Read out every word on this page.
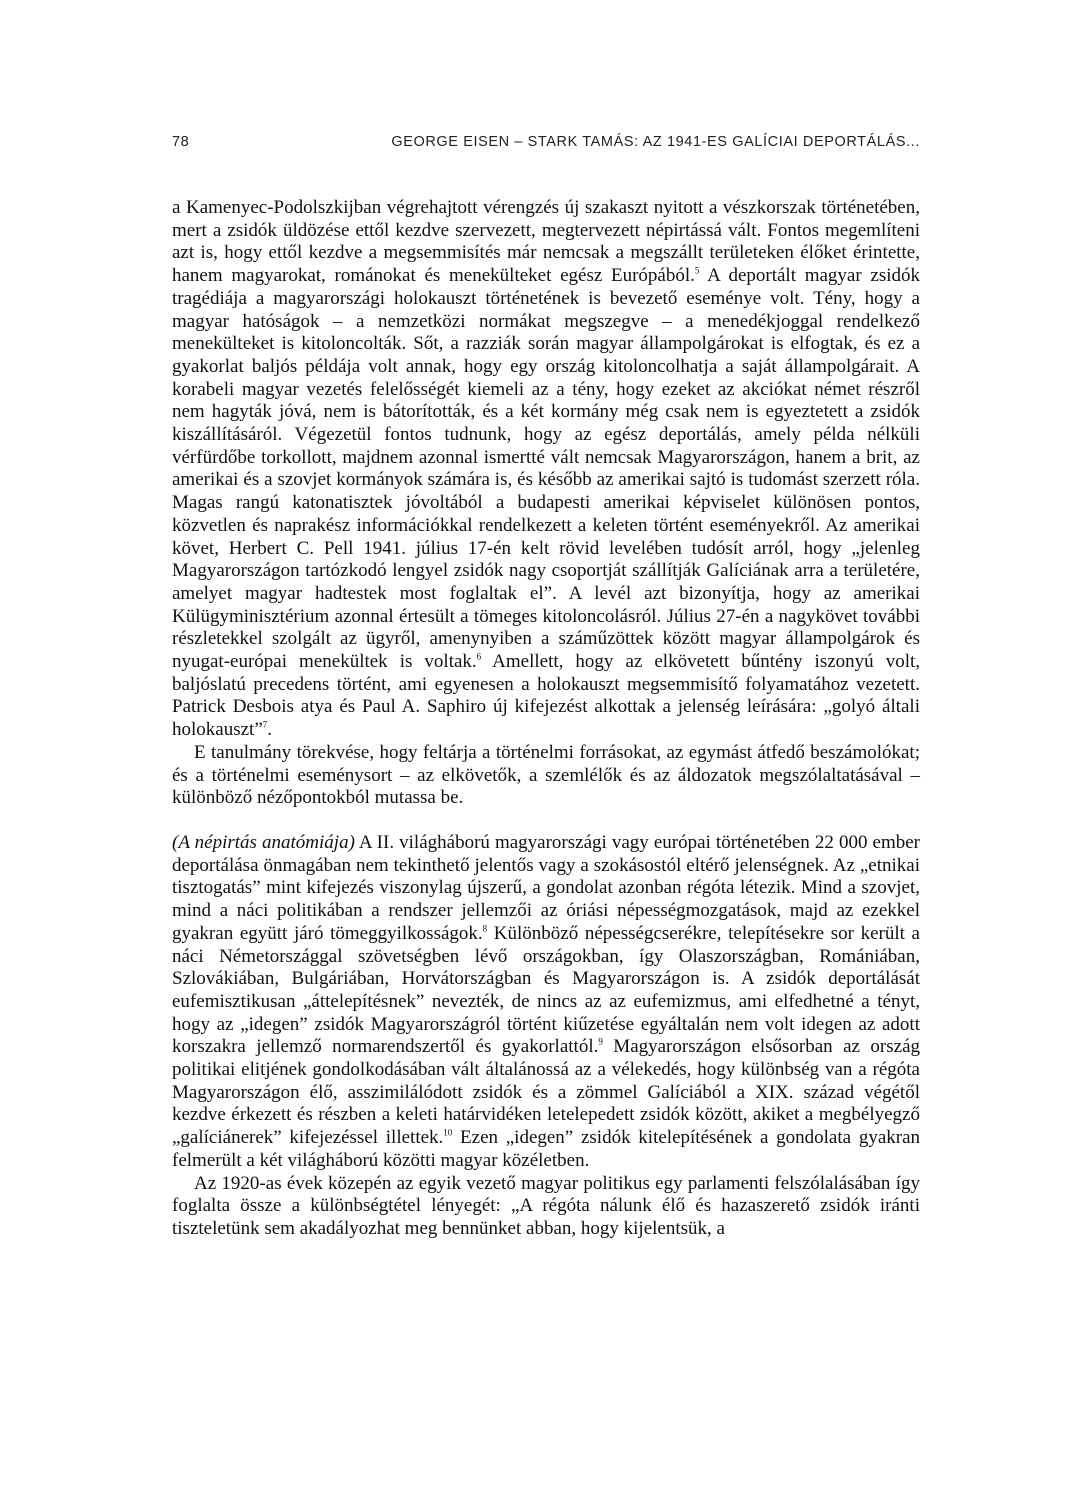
78	GEORGE EISEN – STARK TAMÁS: AZ 1941-ES GALÍCIAI DEPORTÁLÁS...

a Kamenyec-Podolszkijban végrehajtott vérengzés új szakaszt nyitott a vészkorszak történetében, mert a zsidók üldözése ettől kezdve szervezett, megtervezett népirtássá vált. Fontos megemlíteni azt is, hogy ettől kezdve a megsemmisítés már nemcsak a megszállt területeken élőket érintette, hanem magyarokat, románokat és menekülteket egész Európából.$^5$ A deportált magyar zsidók tragédiája a magyarországi holokauszt történetének is bevezető eseménye volt. Tény, hogy a magyar hatóságok – a nemzetközi normákat megszegve – a menedékjoggal rendelkező menekülteket is kitoloncolták. Sőt, a razziák során magyar állampolgárokat is elfogtak, és ez a gyakorlat baljós példája volt annak, hogy egy ország kitoloncolhatja a saját állampolgárait. A korabeli magyar vezetés felelősségét kiemeli az a tény, hogy ezeket az akciókat német részről nem hagyták jóvá, nem is bátorították, és a két kormány még csak nem is egyeztetett a zsidók kiszállításáról. Végezetül fontos tudnunk, hogy az egész deportálás, amely példa nélküli vérfürdőbe torkollott, majdnem azonnal ismertté vált nemcsak Magyarországon, hanem a brit, az amerikai és a szovjet kormányok számára is, és később az amerikai sajtó is tudomást szerzett róla. Magas rangú katonatisztek jóvoltából a budapesti amerikai képviselet különösen pontos, közvetlen és naprakész információkkal rendelkezett a keleten történt eseményekről. Az amerikai követ, Herbert C. Pell 1941. július 17-én kelt rövid levelében tudósít arról, hogy „jelenleg Magyarországon tartózkodó lengyel zsidók nagy csoportját szállítják Galíciának arra a területére, amelyet magyar hadtestek most foglaltak el”. A levél azt bizonyítja, hogy az amerikai Külügyminisztérium azonnal értesült a tömeges kitoloncolásról. Július 27-én a nagykövet további részletekkel szolgált az ügyről, amenynyiben a száműzöttek között magyar állampolgárok és nyugat-európai menekültek is voltak.$^6$ Amellett, hogy az elkövetett bűntény iszonyú volt, baljóslatú precedens történt, ami egyenesen a holokauszt megsemmisítő folyamatához vezetett. Patrick Desbois atya és Paul A. Saphiro új kifejezést alkottak a jelenség leírására: „golyó általi holokauszt”$^7$.

E tanulmány törekvése, hogy feltárja a történelmi forrásokat, az egymást átfedő beszámolókat; és a történelmi eseménysort – az elkövetők, a szemlélők és az áldozatok megszólaltatásával – különböző nézőpontokból mutassa be.

(A népirtás anatómiája) A II. világháború magyarországi vagy európai történetében 22 000 ember deportálása önmagában nem tekinthető jelentős vagy a szokásostól eltérő jelenségnek. Az „etnikai tisztogatás” mint kifejezés viszonylag újszerű, a gondolat azonban régóta létezik. Mind a szovjet, mind a náci politikában a rendszer jellemzői az óriási népességmozgatások, majd az ezekkel gyakran együtt járó tömeggyilkosságok.$^8$ Különböző népességcserékre, telepítésekre sor került a náci Németországgal szövetségben lévő országokban, így Olaszországban, Romániában, Szlovákiában, Bulgáriában, Horvátországban és Magyarországon is. A zsidók deportálását eufemisztikusan „áttelepítésnek” nevezték, de nincs az az eufemizmus, ami elfedhetné a tényt, hogy az „idegen” zsidók Magyarországról történt kiűzetése egyáltalán nem volt idegen az adott korszakra jellemző normarendszertől és gyakorlattól.$^9$ Magyarországon elsősorban az ország politikai elitjének gondolkodásában vált általánossá az a vélekedés, hogy különbség van a régóta Magyarországon élő, asszimilálódott zsidók és a zömmel Galíciából a XIX. század végétől kezdve érkezett és részben a keleti határvidéken letelepedett zsidók között, akiket a megbélyegző „galíciánerek” kifejezéssel illettek.$^{10}$ Ezen „idegen” zsidók kitelepítésének a gondolata gyakran felmerült a két világháború közötti magyar közéletben.

Az 1920-as évek közepén az egyik vezető magyar politikus egy parlamenti felszólalásában így foglalta össze a különbségtétel lényegét: „A régóta nálunk élő és hazaszerető zsidók iránti tiszteletünk sem akadályozhat meg bennünket abban, hogy kijelentsük, a
